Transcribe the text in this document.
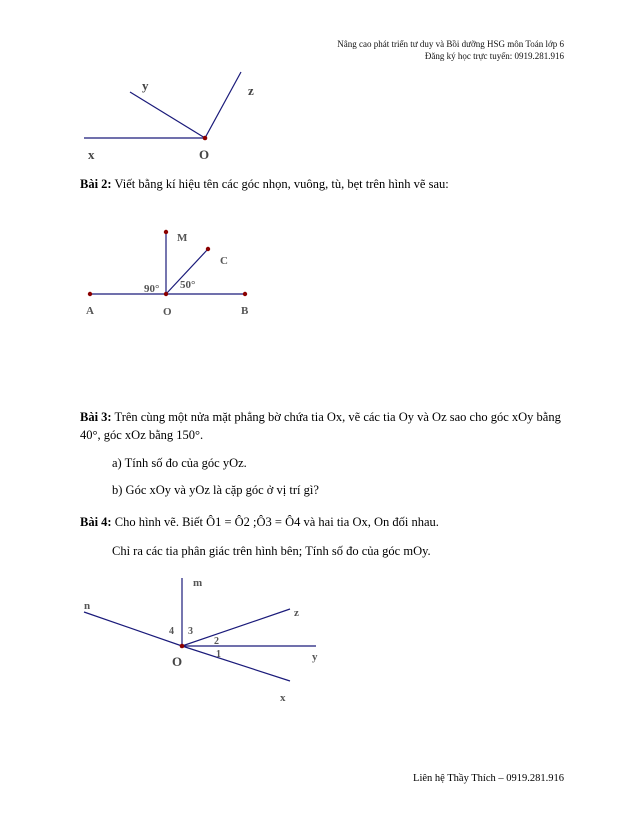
Nâng cao phát triển tư duy và Bồi dưỡng HSG môn Toán lớp 6
Đăng ký học trực tuyến: 0919.281.916
x
y	z
O
Bài 2: Viết bằng kí hiệu tên các góc nhọn, vuông, tù, bẹt trên hình vẽ sau:
M
C
A	O	B
90° 50°
Bài 3: Trên cùng một nửa mặt phẳng bờ chứa tia Ox, vẽ các tia Oy và Oz sao cho góc xOy bằng
40°, góc xOz bằng 150°.
a) Tính số đo của góc yOz.
b) Góc xOy và yOz là cặp góc ở vị trí gì?
Bài 4: Cho hình vẽ. Biết Ô1 = Ô2 ;Ô3 = Ô4 và hai tia Ox, On đối nhau.
Chỉ ra các tia phân giác trên hình bên; Tính số đo của góc mOy.
m
n
z
y
x
O	1
2
3
4
Liên hệ Thầy Thích – 0919.281.916
